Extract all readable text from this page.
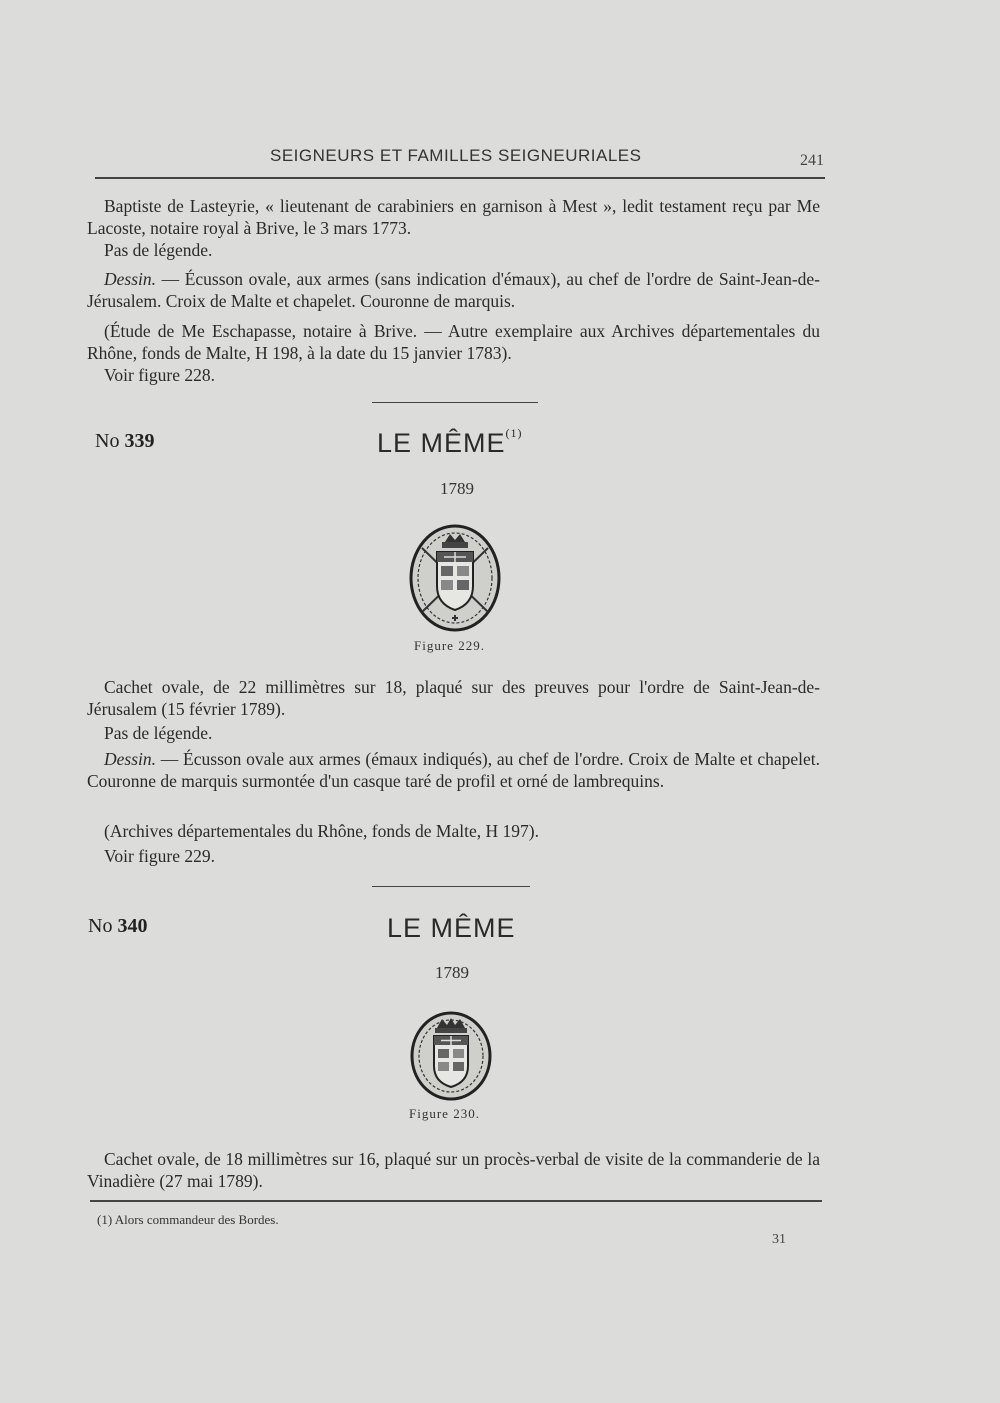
SEIGNEURS ET FAMILLES SEIGNEURIALES	241
Baptiste de Lasteyrie, « lieutenant de carabiniers en garnison à Mest », ledit testament reçu par Me Lacoste, notaire royal à Brive, le 3 mars 1773.
Pas de légende.
Dessin. — Écusson ovale, aux armes (sans indication d'émaux), au chef de l'ordre de Saint-Jean-de-Jérusalem. Croix de Malte et chapelet. Couronne de marquis.
(Étude de Me Eschapasse, notaire à Brive. — Autre exemplaire aux Archives départementales du Rhône, fonds de Malte, H 198, à la date du 15 janvier 1783).
Voir figure 228.
No 339	LE MÊME$^{(1)}$
1789
Figure 229.
Cachet ovale, de 22 millimètres sur 18, plaqué sur des preuves pour l'ordre de Saint-Jean-de-Jérusalem (15 février 1789).
Pas de légende.
Dessin. — Écusson ovale aux armes (émaux indiqués), au chef de l'ordre. Croix de Malte et chapelet. Couronne de marquis surmontée d'un casque taré de profil et orné de lambrequins.
(Archives départementales du Rhône, fonds de Malte, H 197).
Voir figure 229.
No 340	LE MÊME
1789
Figure 230.
Cachet ovale, de 18 millimètres sur 16, plaqué sur un procès-verbal de visite de la commanderie de la Vinadière (27 mai 1789).
(1) Alors commandeur des Bordes.
31
